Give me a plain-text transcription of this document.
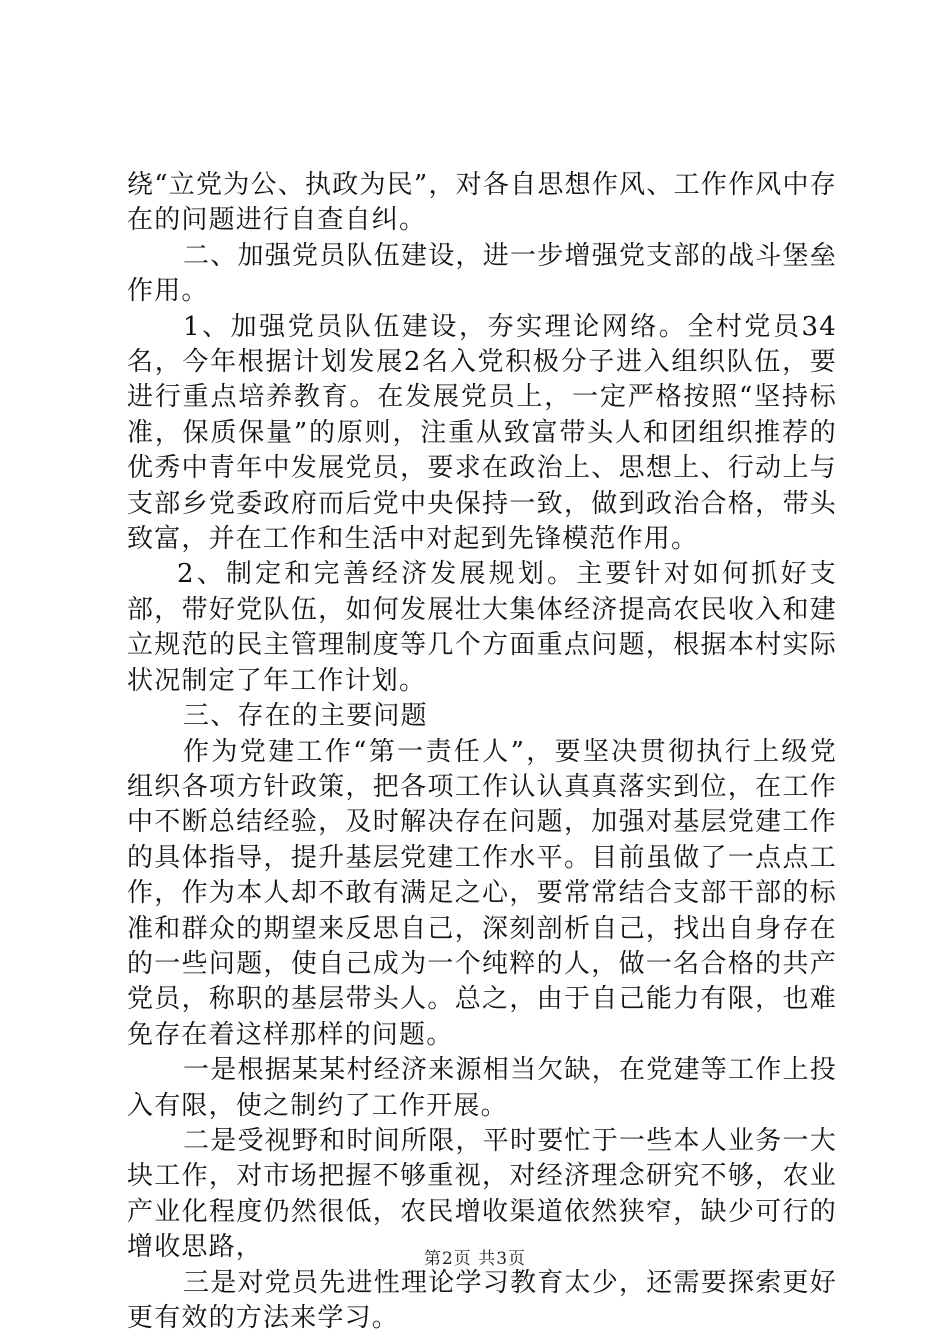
绕“立党为公、执政为民”，对各自思想作风、工作作风中存在的问题进行自查自纠。

二、加强党员队伍建设，进一步增强党支部的战斗堡垒作用。

1、加强党员队伍建设，夯实理论网络。全村党员34名，今年根据计划发展2名入党积极分子进入组织队伍，要进行重点培养教育。在发展党员上，一定严格按照“坚持标准，保质保量”的原则，注重从致富带头人和团组织推荐的优秀中青年中发展党员，要求在政治上、思想上、行动上与支部乡党委政府而后党中央保持一致，做到政治合格，带头致富，并在工作和生活中对起到先锋模范作用。

2、制定和完善经济发展规划。主要针对如何抓好支部，带好党队伍，如何发展壮大集体经济提高农民收入和建立规范的民主管理制度等几个方面重点问题，根据本村实际状况制定了年工作计划。

三、存在的主要问题

作为党建工作“第一责任人”，要坚决贯彻执行上级党组织各项方针政策，把各项工作认认真真落实到位，在工作中不断总结经验，及时解决存在问题，加强对基层党建工作的具体指导，提升基层党建工作水平。目前虽做了一点点工作，作为本人却不敢有满足之心，要常常结合支部干部的标准和群众的期望来反思自己，深刻剖析自己，找出自身存在的一些问题，使自己成为一个纯粹的人，做一名合格的共产党员，称职的基层带头人。总之，由于自己能力有限，也难免存在着这样那样的问题。

一是根据某某村经济来源相当欠缺，在党建等工作上投入有限，使之制约了工作开展。

二是受视野和时间所限，平时要忙于一些本人业务一大块工作，对市场把握不够重视，对经济理念研究不够，农业产业化程度仍然很低，农民增收渠道依然狭窄，缺少可行的增收思路，

三是对党员先进性理论学习教育太少，还需要探索更好更有效的方法来学习。

第2页 共3页
